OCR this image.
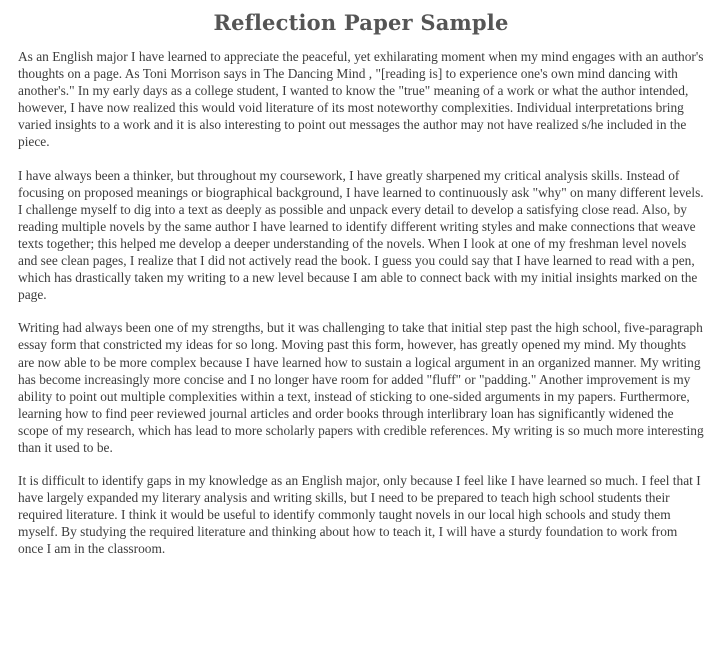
Reflection Paper Sample

As an English major I have learned to appreciate the peaceful, yet exhilarating moment when my mind engages with an author's thoughts on a page. As Toni Morrison says in The Dancing Mind , "[reading is] to experience one's own mind dancing with another's." In my early days as a college student, I wanted to know the "true" meaning of a work or what the author intended, however, I have now realized this would void literature of its most noteworthy complexities. Individual interpretations bring varied insights to a work and it is also interesting to point out messages the author may not have realized s/he included in the piece.

I have always been a thinker, but throughout my coursework, I have greatly sharpened my critical analysis skills. Instead of focusing on proposed meanings or biographical background, I have learned to continuously ask "why" on many different levels. I challenge myself to dig into a text as deeply as possible and unpack every detail to develop a satisfying close read. Also, by reading multiple novels by the same author I have learned to identify different writing styles and make connections that weave texts together; this helped me develop a deeper understanding of the novels. When I look at one of my freshman level novels and see clean pages, I realize that I did not actively read the book. I guess you could say that I have learned to read with a pen, which has drastically taken my writing to a new level because I am able to connect back with my initial insights marked on the page.

Writing had always been one of my strengths, but it was challenging to take that initial step past the high school, five-paragraph essay form that constricted my ideas for so long. Moving past this form, however, has greatly opened my mind. My thoughts are now able to be more complex because I have learned how to sustain a logical argument in an organized manner. My writing has become increasingly more concise and I no longer have room for added "fluff" or "padding." Another improvement is my ability to point out multiple complexities within a text, instead of sticking to one-sided arguments in my papers. Furthermore, learning how to find peer reviewed journal articles and order books through interlibrary loan has significantly widened the scope of my research, which has lead to more scholarly papers with credible references. My writing is so much more interesting than it used to be.

It is difficult to identify gaps in my knowledge as an English major, only because I feel like I have learned so much. I feel that I have largely expanded my literary analysis and writing skills, but I need to be prepared to teach high school students their required literature. I think it would be useful to identify commonly taught novels in our local high schools and study them myself. By studying the required literature and thinking about how to teach it, I will have a sturdy foundation to work from once I am in the classroom.
